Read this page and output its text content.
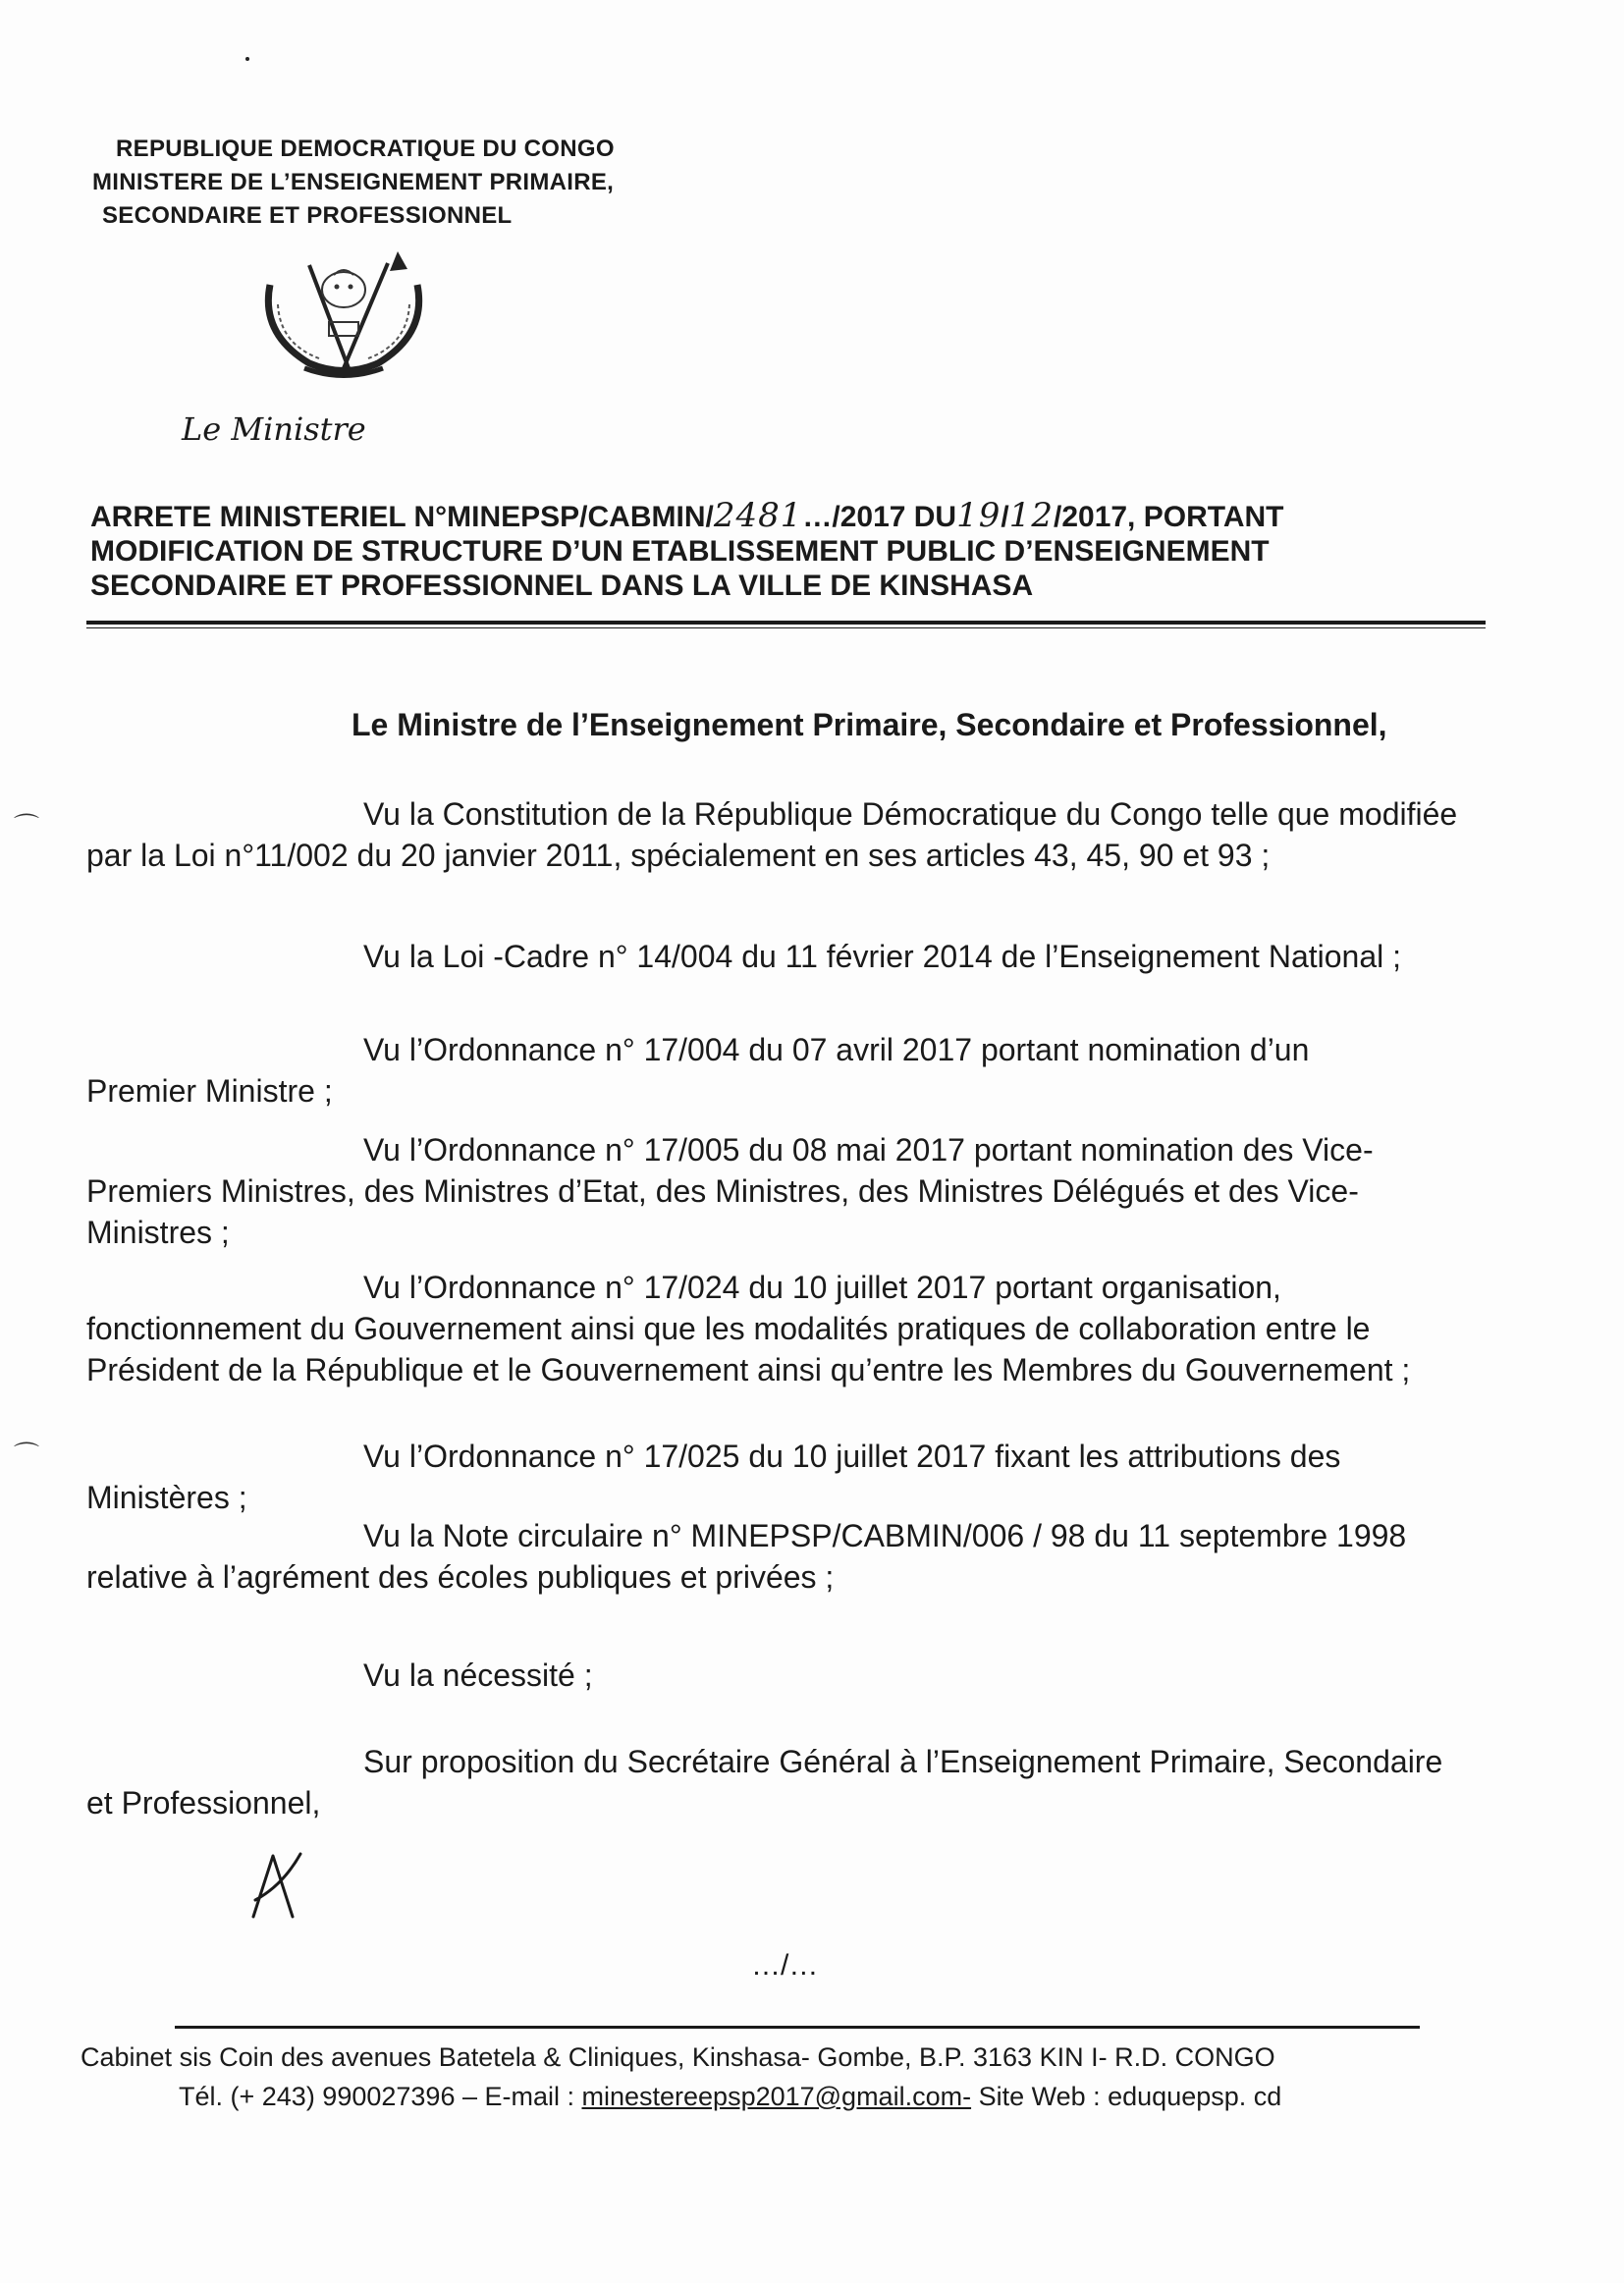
REPUBLIQUE DEMOCRATIQUE DU CONGO
MINISTERE DE L’ENSEIGNEMENT PRIMAIRE,
SECONDAIRE ET PROFESSIONNEL
Le Ministre
ARRETE MINISTERIEL N°MINEPSP/CABMIN/2481…/2017 DU19/12/2017, PORTANT
MODIFICATION DE STRUCTURE D’UN ETABLISSEMENT PUBLIC D’ENSEIGNEMENT
SECONDAIRE ET PROFESSIONNEL DANS LA VILLE DE KINSHASA
Le Ministre de l’Enseignement Primaire, Secondaire et Professionnel,
Vu la Constitution de la République Démocratique du Congo telle que modifiée
par la Loi n°11/002 du 20 janvier 2011, spécialement en ses articles 43, 45, 90 et 93 ;
Vu la Loi -Cadre n° 14/004 du 11 février 2014 de l’Enseignement National ;
Vu l’Ordonnance n° 17/004 du 07 avril 2017 portant nomination d’un
Premier Ministre ;
Vu l’Ordonnance n° 17/005 du 08 mai 2017 portant nomination des Vice-
Premiers Ministres, des Ministres d’Etat, des Ministres, des Ministres Délégués et des Vice-
Ministres ;
Vu l’Ordonnance n° 17/024 du 10 juillet 2017 portant organisation,
fonctionnement du Gouvernement ainsi que les modalités pratiques de collaboration entre le
Président de la République et le Gouvernement ainsi qu’entre les Membres du Gouvernement ;
Vu l’Ordonnance n° 17/025 du 10 juillet 2017 fixant les attributions des
Ministères ;
Vu la Note circulaire n° MINEPSP/CABMIN/006 / 98 du 11 septembre 1998
relative à l’agrément des écoles publiques et privées ;
Vu la nécessité ;
Sur proposition du Secrétaire Général à l’Enseignement Primaire, Secondaire
et Professionnel,
…/…
⌒
⌒
Cabinet sis Coin des avenues Batetela & Cliniques, Kinshasa- Gombe, B.P. 3163 KIN I- R.D. CONGO
Tél. (+ 243) 990027396 – E-mail : minestereepsp2017@gmail.com- Site Web : eduquepsp. cd
